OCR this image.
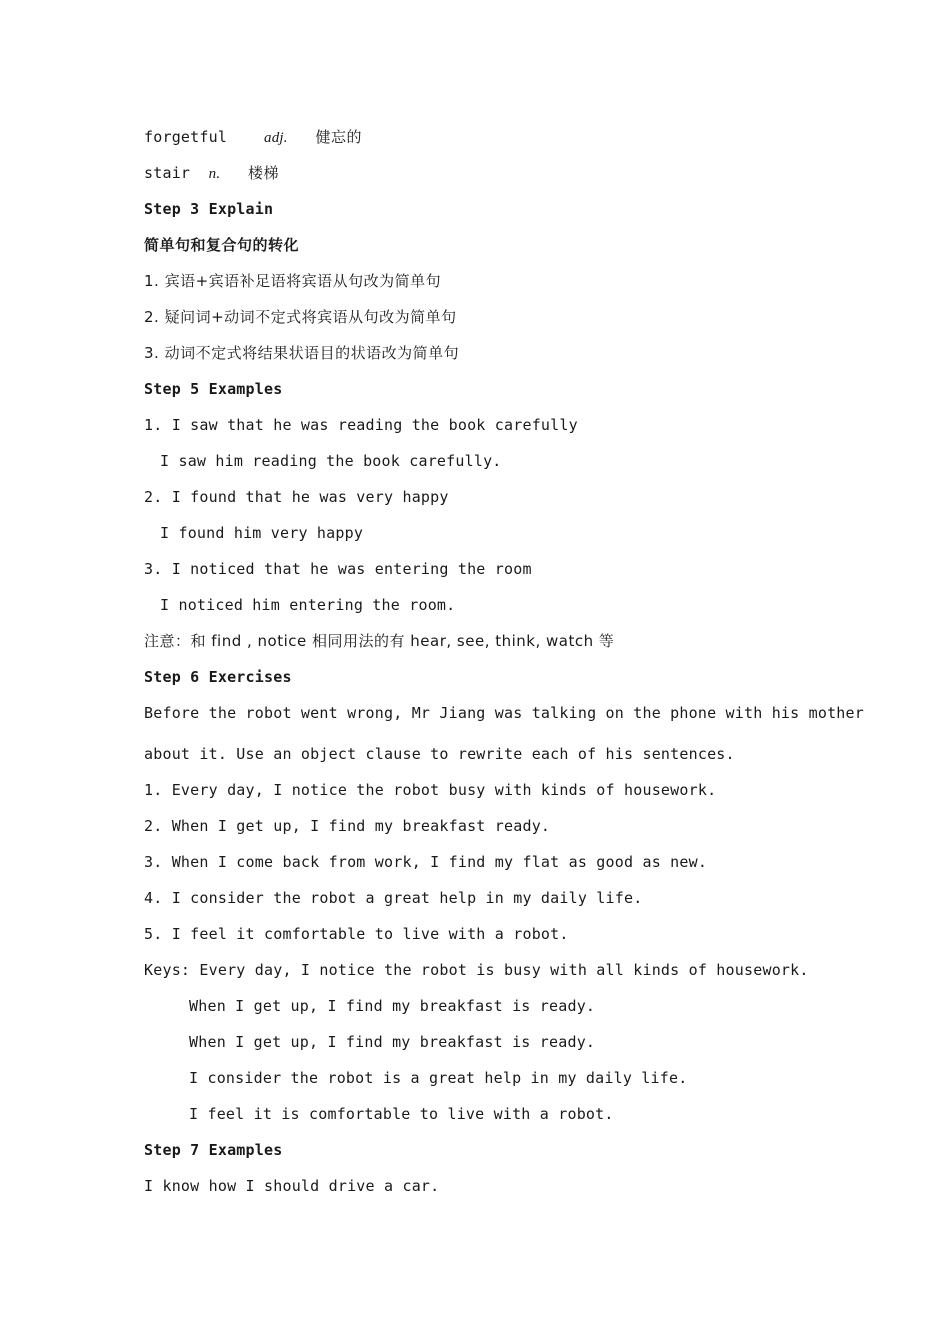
forgetful adj. 健忘的
stair n. 楼梯
Step 3 Explain
简单句和复合句的转化
1. 宾语+宾语补足语将宾语从句改为简单句
2. 疑问词+动词不定式将宾语从句改为简单句
3. 动词不定式将结果状语目的状语改为简单句
Step 5 Examples
1. I saw that he was reading the book carefully
I saw him reading the book carefully.
2. I found that he was very happy
I found him very happy
3. I noticed that he was entering the room
I noticed him entering the room.
注意：和 find , notice 相同用法的有 hear, see, think, watch 等
Step 6 Exercises
Before the robot went wrong, Mr Jiang was talking on the phone with his mother
about it. Use an object clause to rewrite each of his sentences.
1. Every day, I notice the robot busy with kinds of housework.
2. When I get up, I find my breakfast ready.
3. When I come back from work, I find my flat as good as new.
4. I consider the robot a great help in my daily life.
5. I feel it comfortable to live with a robot.
Keys: Every day, I notice the robot is busy with all kinds of housework.
When I get up, I find my breakfast is ready.
When I get up, I find my breakfast is ready.
I consider the robot is a great help in my daily life.
I feel it is comfortable to live with a robot.
Step 7 Examples
I know how I should drive a car.
